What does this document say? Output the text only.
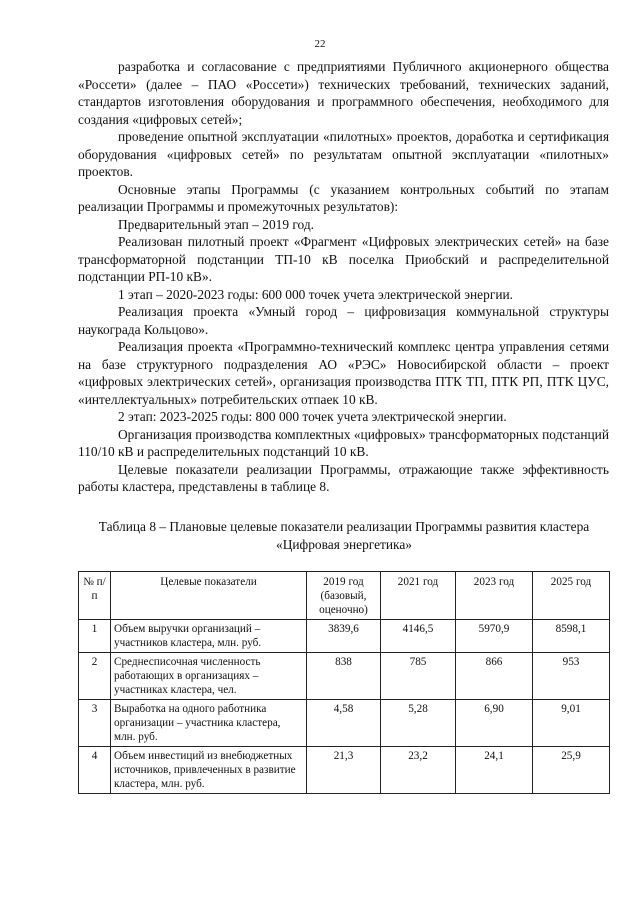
22

разработка и согласование с предприятиями Публичного акционерного общества «Россети» (далее – ПАО «Россети») технических требований, технических заданий, стандартов изготовления оборудования и программного обеспечения, необходимого для создания «цифровых сетей»;

проведение опытной эксплуатации «пилотных» проектов, доработка и сертификация оборудования «цифровых сетей» по результатам опытной эксплуатации «пилотных» проектов.

Основные этапы Программы (с указанием контрольных событий по этапам реализации Программы и промежуточных результатов):

Предварительный этап – 2019 год.

Реализован пилотный проект «Фрагмент «Цифровых электрических сетей» на базе трансформаторной подстанции ТП-10 кВ поселка Приобский и распределительной подстанции РП-10 кВ».

1 этап – 2020-2023 годы: 600 000 точек учета электрической энергии.

Реализация проекта «Умный город – цифровизация коммунальной структуры наукограда Кольцово».

Реализация проекта «Программно-технический комплекс центра управления сетями на базе структурного подразделения АО «РЭС» Новосибирской области – проект «цифровых электрических сетей», организация производства ПТК ТП, ПТК РП, ПТК ЦУС, «интеллектуальных» потребительских отпаек 10 кВ.

2 этап: 2023-2025 годы: 800 000 точек учета электрической энергии.

Организация производства комплектных «цифровых» трансформаторных подстанций 110/10 кВ и распределительных подстанций 10 кВ.

Целевые показатели реализации Программы, отражающие также эффективность работы кластера, представлены в таблице 8.

Таблица 8 – Плановые целевые показатели реализации Программы развития кластера «Цифровая энергетика»
№ п/п	Целевые показатели	2019 год (базовый, оценочно)	2021 год	2023 год	2025 год
1	Объем выручки организаций – участников кластера, млн. руб.	3839,6	4146,5	5970,9	8598,1
2	Среднесписочная численность работающих в организациях – участниках кластера, чел.	838	785	866	953
3	Выработка на одного работника организации – участника кластера, млн. руб.	4,58	5,28	6,90	9,01
4	Объем инвестиций из внебюджетных источников, привлеченных в развитие кластера, млн. руб.	21,3	23,2	24,1	25,9
